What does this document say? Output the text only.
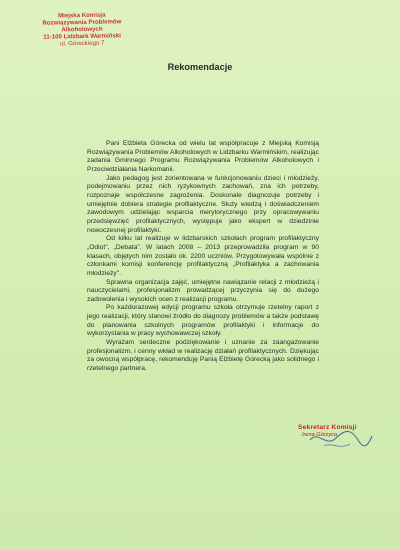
Miejska Komisja
Rozwiązywania Problemów
Alkoholowych
11-100 Lidzbark Warmiński
ul. Góreckiego 7
Rekomendacje

Pani Elżbieta Górecka od wielu lat współpracuje z Miejską Komisją Rozwiązywania Problemów Alkoholowych w Lidzbarku Warmińskim, realizując zadania Gminnego Programu Rozwiązywania Problemów Alkoholowych i Przeciwdziałania Narkomanii.

Jako pedagog jest zorientowana w funkcjonowaniu dzieci i młodzieży, podejmowaniu przez nich ryzykownych zachowań, zna ich potrzeby, rozpoznaje współczesne zagrożenia. Doskonale diagnozuje potrzeby i umiejętnie dobiera strategie profilaktyczne. Służy wiedzą i doświadczeniem zawodowym udzielając wsparcia merytorycznego przy opracowywaniu przedsięwzięć profilaktycznych, występuje jako ekspert w dziedzinie nowoczesnej profilaktyki.

Od kilku lat realizuje w lidzbarskich szkołach program profilaktyczny „Odlot", „Debata". W latach 2008 – 2013 przeprowadziła program w 90 klasach, objętych nim zostało ok. 2200 uczniów. Przygotowywała wspólnie z członkami komisji konferencję profilaktyczną „Profilaktyka a zachowania młodzieży".

Sprawna organizacja zajęć, umiejętne nawiązanie relacji z młodzieżą i nauczycielami, profesjonalizm prowadzącej przyczynia się do dużego zadowolenia i wysokich ocen z realizacji programu.

Po każdorazowej edycji programu szkoła otrzymuje rzetelny raport z jego realizacji, który stanowi źródło do diagnozy problemów a także podstawę do planowania szkolnych programów profilaktyki i informacje do wykorzystania w pracy wychowawczej szkoły.

Wyrażam serdeczne podziękowanie i uznanie za zaangażowanie profesjonalizm, i cenny wkład w realizację działań profilaktycznych. Dziękując za owocną współpracę, rekomenduję Panią Elżbietę Górecką jako solidnego i rzetelnego partnera.

Sekretarz Komisji
Irena Górzyca
